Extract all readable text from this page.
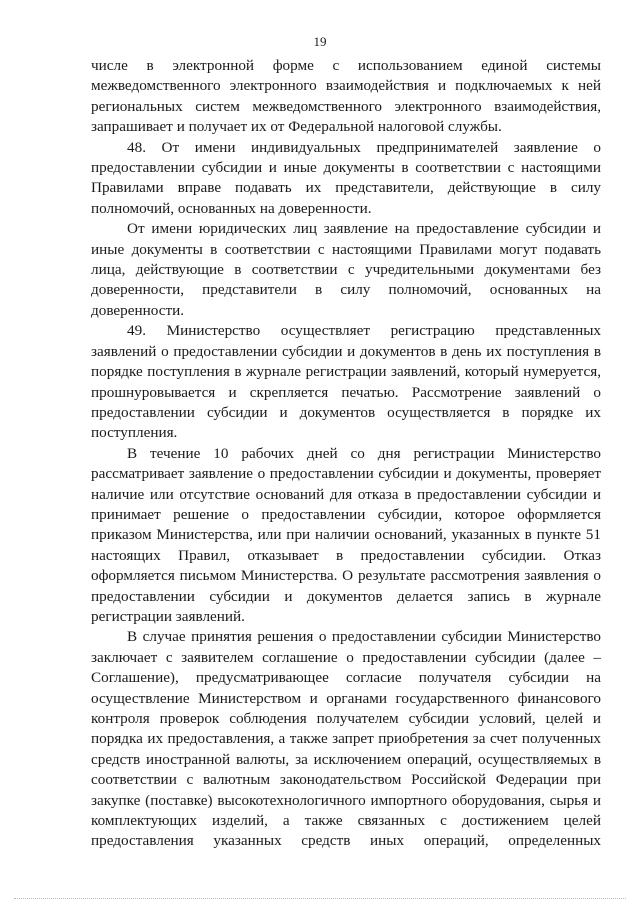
19

числе в электронной форме с использованием единой системы межведомственного электронного взаимодействия и подключаемых к ней региональных систем межведомственного электронного взаимодействия, запрашивает и получает их от Федеральной налоговой службы.

48. От имени индивидуальных предпринимателей заявление о предоставлении субсидии и иные документы в соответствии с настоящими Правилами вправе подавать их представители, действующие в силу полномочий, основанных на доверенности.

От имени юридических лиц заявление на предоставление субсидии и иные документы в соответствии с настоящими Правилами могут подавать лица, действующие в соответствии с учредительными документами без доверенности, представители в силу полномочий, основанных на доверенности.

49. Министерство осуществляет регистрацию представленных заявлений о предоставлении субсидии и документов в день их поступления в порядке поступления в журнале регистрации заявлений, который нумеруется, прошнуровывается и скрепляется печатью. Рассмотрение заявлений о предоставлении субсидии и документов осуществляется в порядке их поступления.

В течение 10 рабочих дней со дня регистрации Министерство рассматривает заявление о предоставлении субсидии и документы, проверяет наличие или отсутствие оснований для отказа в предоставлении субсидии и принимает решение о предоставлении субсидии, которое оформляется приказом Министерства, или при наличии оснований, указанных в пункте 51 настоящих Правил, отказывает в предоставлении субсидии. Отказ оформляется письмом Министерства. О результате рассмотрения заявления о предоставлении субсидии и документов делается запись в журнале регистрации заявлений.

В случае принятия решения о предоставлении субсидии Министерство заключает с заявителем соглашение о предоставлении субсидии (далее – Соглашение), предусматривающее согласие получателя субсидии на осуществление Министерством и органами государственного финансового контроля проверок соблюдения получателем субсидии условий, целей и порядка их предоставления, а также запрет приобретения за счет полученных средств иностранной валюты, за исключением операций, осуществляемых в соответствии с валютным законодательством Российской Федерации при закупке (поставке) высокотехнологичного импортного оборудования, сырья и комплектующих изделий, а также связанных с достижением целей предоставления указанных средств иных операций, определенных
